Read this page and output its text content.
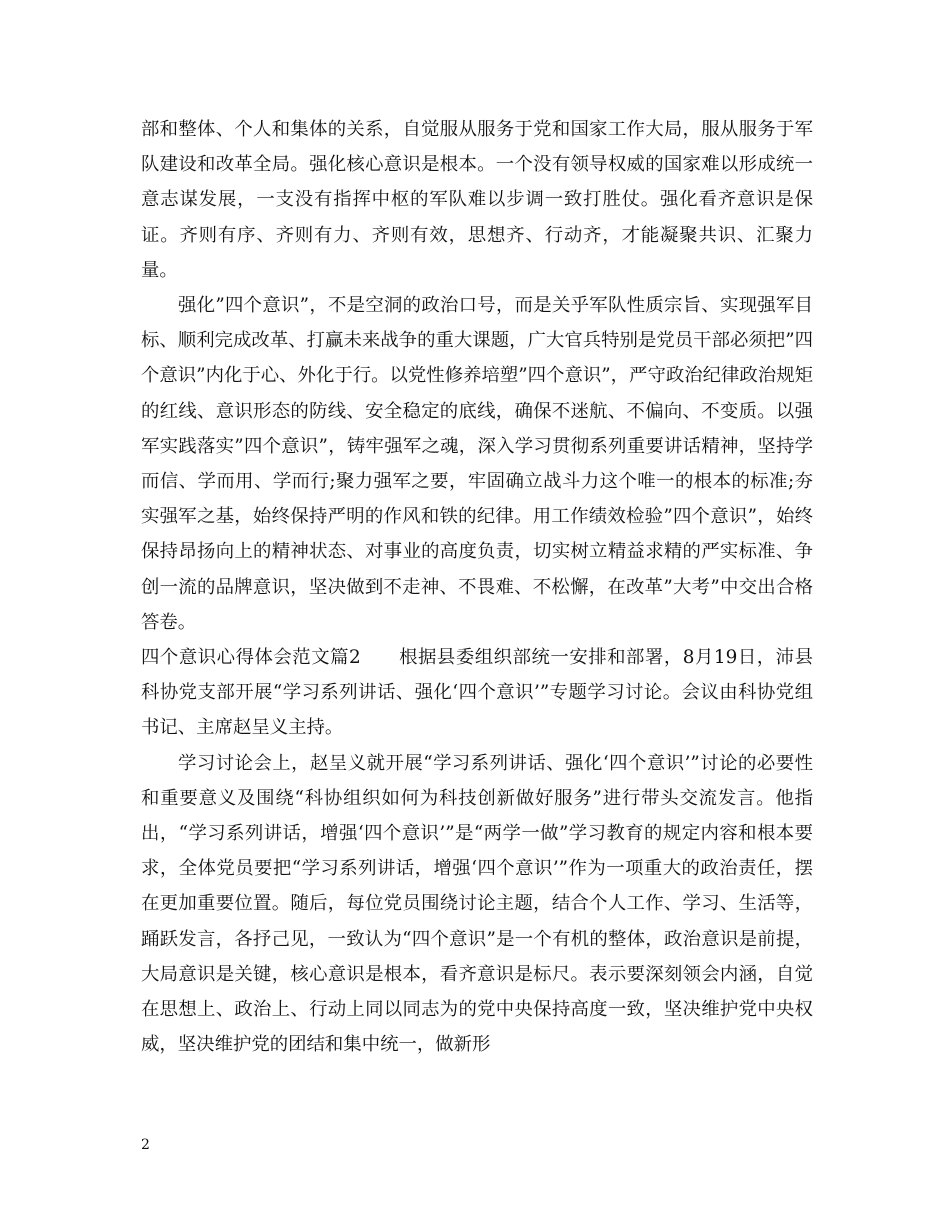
部和整体、个人和集体的关系，自觉服从服务于党和国家工作大局，服从服务于军队建设和改革全局。强化核心意识是根本。一个没有领导权威的国家难以形成统一意志谋发展，一支没有指挥中枢的军队难以步调一致打胜仗。强化看齐意识是保证。齐则有序、齐则有力、齐则有效，思想齐、行动齐，才能凝聚共识、汇聚力量。

强化”四个意识”，不是空洞的政治口号，而是关乎军队性质宗旨、实现强军目标、顺利完成改革、打赢未来战争的重大课题，广大官兵特别是党员干部必须把”四个意识”内化于心、外化于行。以党性修养培塑”四个意识”，严守政治纪律政治规矩的红线、意识形态的防线、安全稳定的底线，确保不迷航、不偏向、不变质。以强军实践落实”四个意识”，铸牢强军之魂，深入学习贯彻系列重要讲话精神，坚持学而信、学而用、学而行;聚力强军之要，牢固确立战斗力这个唯一的根本的标准;夯实强军之基，始终保持严明的作风和铁的纪律。用工作绩效检验”四个意识”，始终保持昂扬向上的精神状态、对事业的高度负责，切实树立精益求精的严实标准、争创一流的品牌意识，坚决做到不走神、不畏难、不松懈，在改革”大考”中交出合格答卷。

四个意识心得体会范文篇2　　根据县委组织部统一安排和部署，8月19日，沛县科协党支部开展“学习系列讲话、强化‘四个意识’”专题学习讨论。会议由科协党组书记、主席赵呈义主持。

学习讨论会上，赵呈义就开展“学习系列讲话、强化‘四个意识’”讨论的必要性和重要意义及围绕“科协组织如何为科技创新做好服务”进行带头交流发言。他指出，“学习系列讲话，增强‘四个意识’”是“两学一做”学习教育的规定内容和根本要求，全体党员要把“学习系列讲话，增强‘四个意识’”作为一项重大的政治责任，摆在更加重要位置。随后，每位党员围绕讨论主题，结合个人工作、学习、生活等，踊跃发言，各抒己见，一致认为“四个意识”是一个有机的整体，政治意识是前提，大局意识是关键，核心意识是根本，看齐意识是标尺。表示要深刻领会内涵，自觉在思想上、政治上、行动上同以同志为的党中央保持高度一致，坚决维护党中央权威，坚决维护党的团结和集中统一，做新形

2
